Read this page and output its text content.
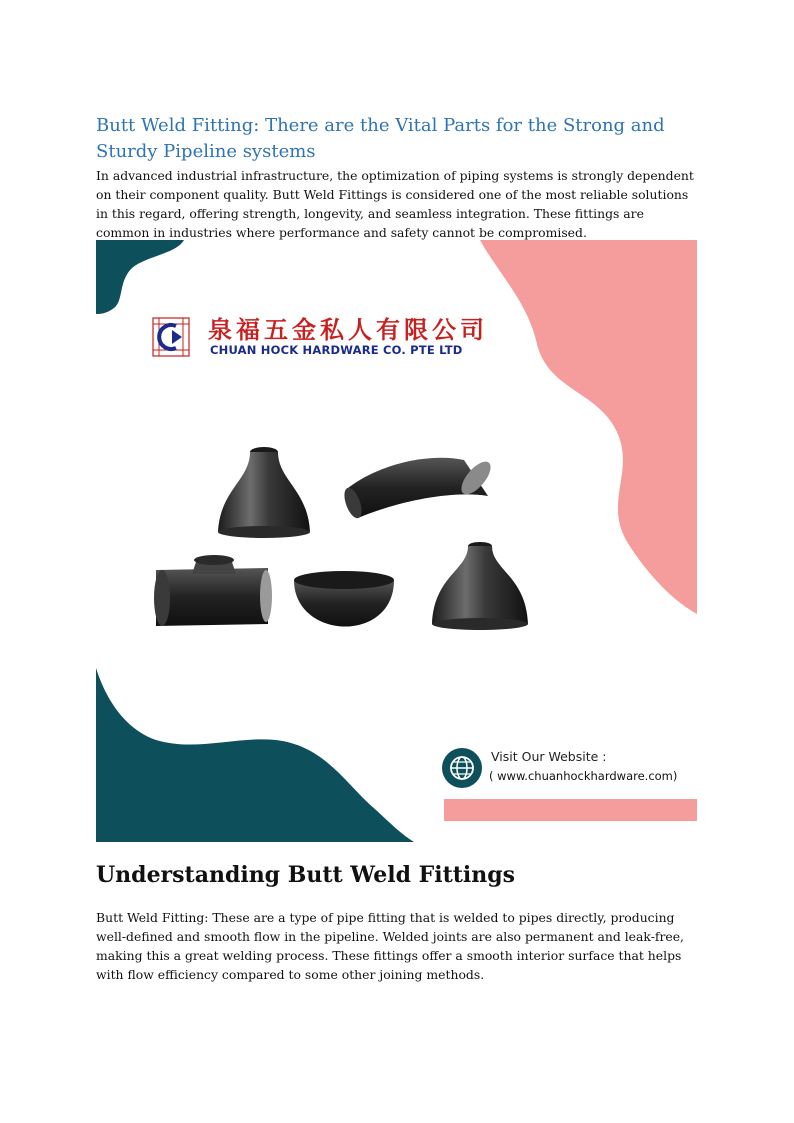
Butt Weld Fitting: There are the Vital Parts for the Strong and Sturdy Pipeline systems

In advanced industrial infrastructure, the optimization of piping systems is strongly dependent on their component quality. Butt Weld Fittings is considered one of the most reliable solutions in this regard, offering strength, longevity, and seamless integration. These fittings are common in industries where performance and safety cannot be compromised.

泉福五金私人有限公司
CHUAN HOCK HARDWARE CO. PTE LTD
Visit Our Website :
( www.chuanhockhardware.com)
Understanding Butt Weld Fittings

Butt Weld Fitting: These are a type of pipe fitting that is welded to pipes directly, producing well-defined and smooth flow in the pipeline. Welded joints are also permanent and leak-free, making this a great welding process. These fittings offer a smooth interior surface that helps with flow efficiency compared to some other joining methods.
